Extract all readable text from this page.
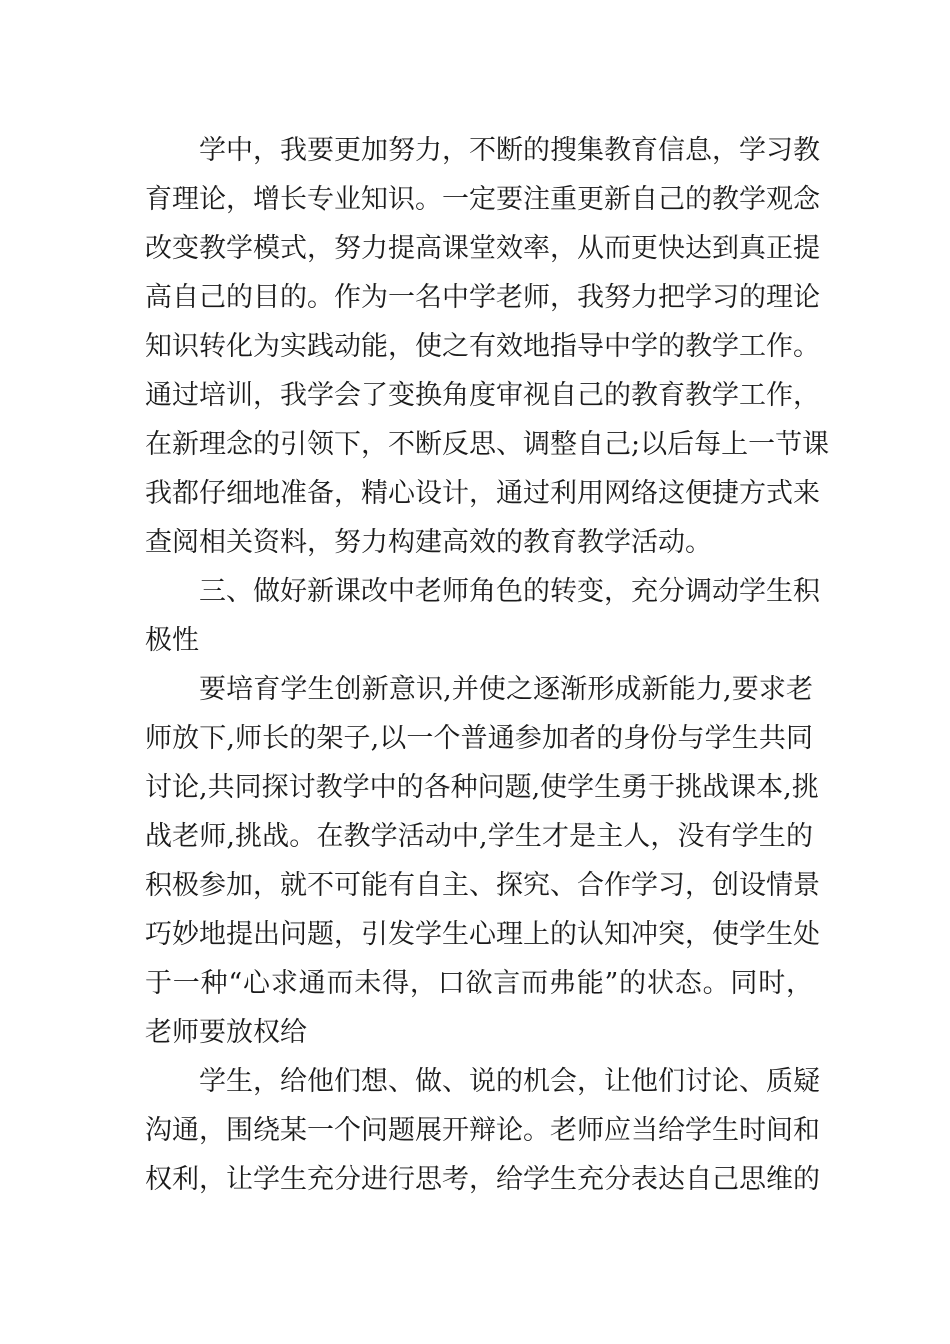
学中，我要更加努力，不断的搜集教育信息，学习教
育理论，增长专业知识。一定要注重更新自己的教学观念
改变教学模式，努力提高课堂效率，从而更快达到真正提
高自己的目的。作为一名中学老师，我努力把学习的理论
知识转化为实践动能，使之有效地指导中学的教学工作。
通过培训，我学会了变换角度审视自己的教育教学工作，
在新理念的引领下，不断反思、调整自己;以后每上一节课
我都仔细地准备，精心设计，通过利用网络这便捷方式来
查阅相关资料，努力构建高效的教育教学活动。
三、做好新课改中老师角色的转变，充分调动学生积
极性
要培育学生创新意识,并使之逐渐形成新能力,要求老
师放下,师长的架子,以一个普通参加者的身份与学生共同
讨论,共同探讨教学中的各种问题,使学生勇于挑战课本,挑
战老师,挑战。在教学活动中,学生才是主人，没有学生的
积极参加，就不可能有自主、探究、合作学习，创设情景
巧妙地提出问题，引发学生心理上的认知冲突，使学生处
于一种“心求通而未得，口欲言而弗能”的状态。同时，
老师要放权给
学生，给他们想、做、说的机会，让他们讨论、质疑
沟通，围绕某一个问题展开辩论。老师应当给学生时间和
权利，让学生充分进行思考，给学生充分表达自己思维的
